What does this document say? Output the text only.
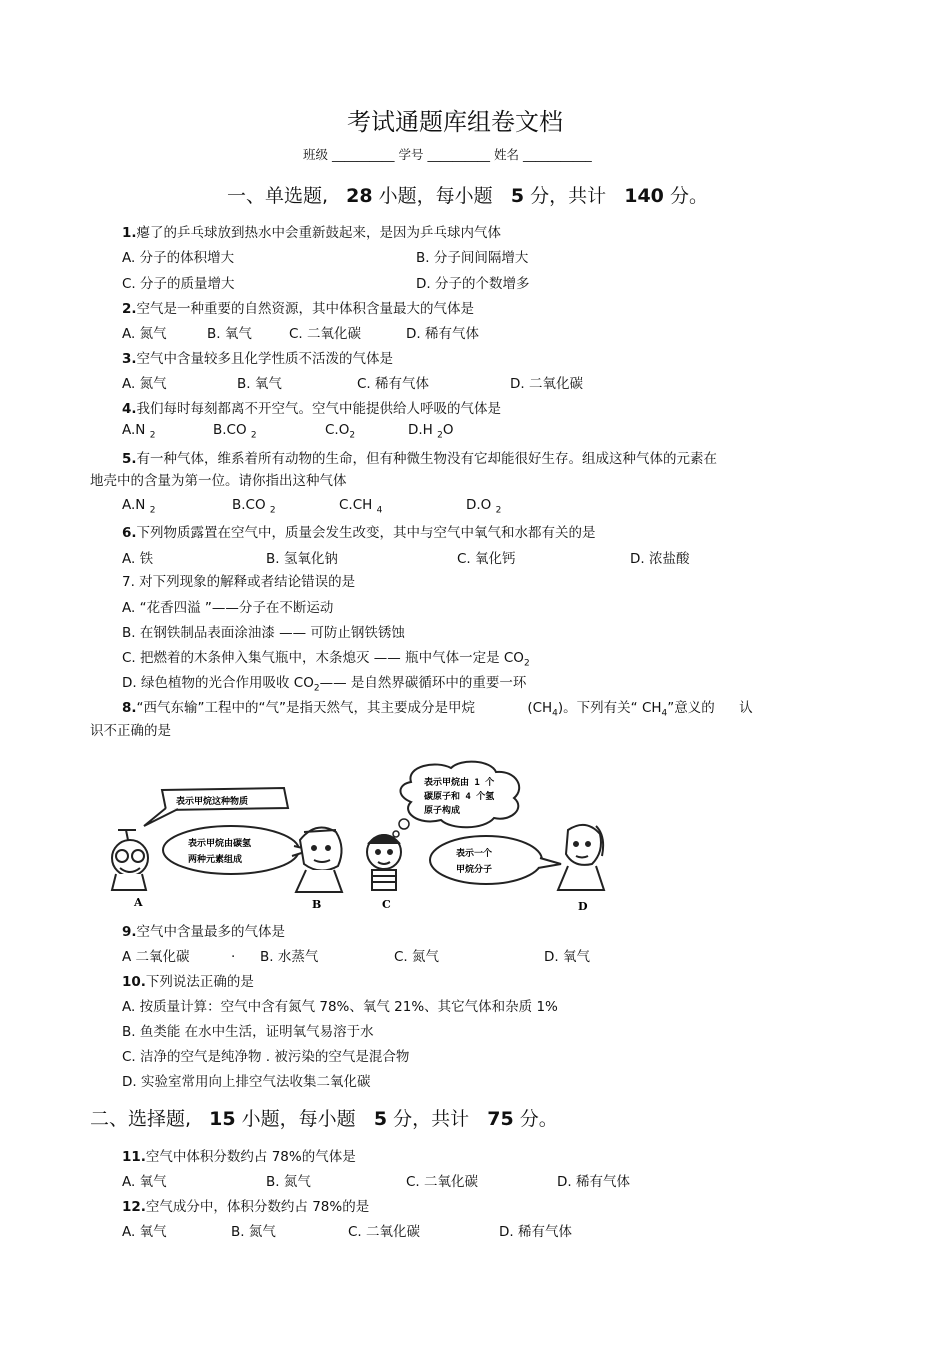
考试通题库组卷文档
班级 __________ 学号 __________ 姓名 ___________
一、单选题, 28 小题，每小题 5 分，共计 140 分。
1.瘪了的乒乓球放到热水中会重新鼓起来，是因为乒乓球内气体
A. 分子的体积增大	B. 分子间间隔增大
C. 分子的质量增大	D. 分子的个数增多
2.空气是一种重要的自然资源，其中体积含量最大的气体是
A. 氮气	B. 氧气	C. 二氧化碳	D. 稀有气体
3.空气中含量较多且化学性质不活泼的气体是
A. 氮气	B. 氧气	C. 稀有气体	D. 二氧化碳
4.我们每时每刻都离不开空气。空气中能提供给人呼吸的气体是
A.N $_2$	B.CO $_2$	$C.O_2$	D.H $_2$O
5.有一种气体，维系着所有动物的生命，但有种微生物没有它却能很好生存。组成这种气体的元素在
地壳中的含量为第一位。请你指出这种气体
A.N $_2$	B.CO $_2$	C.CH $_4$	D.O $_2$
6.下列物质露置在空气中，质量会发生改变，其中与空气中氧气和水都有关的是
A. 铁	B. 氢氧化钠	C. 氧化钙	D. 浓盐酸
7. 对下列现象的解释或者结论错误的是
A. “花香四溢 ”——分子在不断运动
B. 在钢铁制品表面涂油漆 —— 可防止钢铁锈蚀
C. 把燃着的木条伸入集气瓶中，木条熄灭 —— 瓶中气体一定是 $CO_2$
D. 绿色植物的光合作用吸收 $CO_2——$ 是自然界碳循环中的重要一环
8.“西气东输”工程中的“气”是指天然气，其主要成分是甲烷	$(CH_4)$。下列有关“ $CH_4$”意义的 认
识不正确的是
表示甲烷这种物质
表示甲烷由碳氢
两种元素组成
表示甲烷由 1 个
碳原子和 4 个氢
原子构成
表示一个
甲烷分子
A	B	C	D
9.空气中含量最多的气体是
A 二氧化碳	. B. 水蒸气	C. 氮气	D. 氧气
10.下列说法正确的是
A. 按质量计算：空气中含有氮气 78%、氧气 21%、其它气体和杂质 1%
B. 鱼类能 在水中生活，证明氧气易溶于水
C. 洁净的空气是纯净物 . 被污染的空气是混合物
D. 实验室常用向上排空气法收集二氧化碳
二、选择题, 15 小题，每小题 5 分，共计 75 分。
11.空气中体积分数约占 78%的气体是
A. 氧气	B. 氮气	C. 二氧化碳	D. 稀有气体
12.空气成分中，体积分数约占 78%的是
A. 氧气	B. 氮气	C. 二氧化碳	D. 稀有气体
